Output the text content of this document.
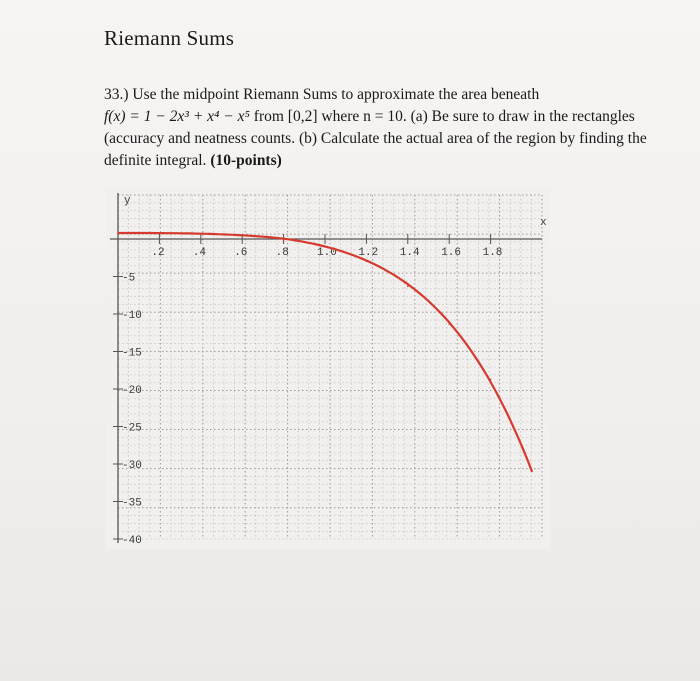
Riemann Sums
33.) Use the midpoint Riemann Sums to approximate the area beneath
f(x) = 1 − 2x³ + x⁴ − x⁵ from [0,2] where n = 10. (a) Be sure to draw in the rectangles
(accuracy and neatness counts. (b) Calculate the actual area of the region by finding the
definite integral. (10-points)
y
x
.2	.4	.6	.8	1.0 1.2 1.4 1.6 1.8
-5
-10
-15
-20
-25
-30
-35
-40
